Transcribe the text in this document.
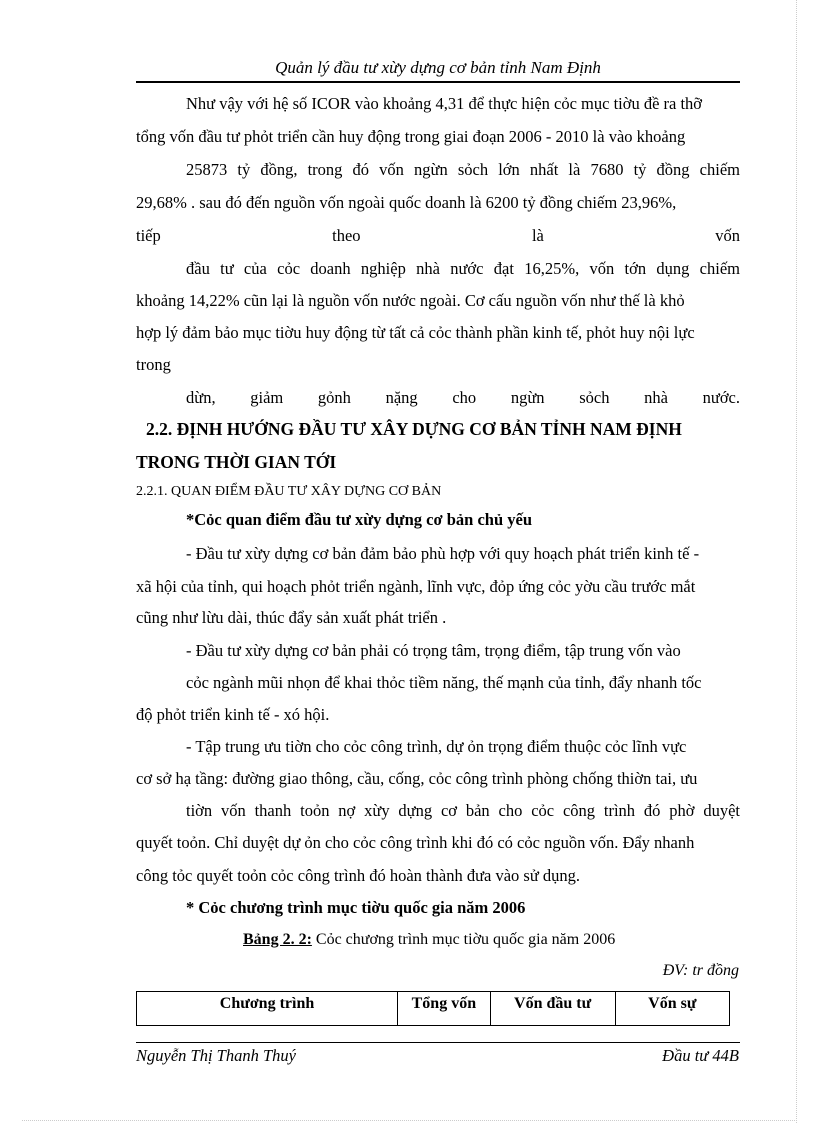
Quản lý đầu tư xừy dựng cơ bản tỉnh Nam Định
Như vậy với hệ số ICOR vào khoảng 4,31 để thực hiện cỏc mục tiờu đề ra thỡ
tổng vốn đầu tư phỏt triển cần huy động trong giai đoạn 2006 - 2010 là vào khoảng
25873 tỷ đồng, trong đó vốn ngừn sỏch lớn nhất là 7680 tỷ đồng chiếm
29,68% . sau đó đến nguồn vốn ngoài quốc doanh là 6200 tỷ đồng chiếm 23,96%,
tiếp theo là vốn
đầu tư của cỏc doanh nghiệp nhà nước đạt 16,25%, vốn tớn dụng chiếm
khoảng 14,22% cũn lại là nguồn vốn nước ngoài. Cơ cấu nguồn vốn như thế là khỏ
hợp lý đảm bảo mục tiờu huy động từ tất cả cỏc thành phần kinh tế, phỏt huy nội lực
trong
dừn, giảm gỏnh nặng cho ngừn sỏch nhà nước.
2.2. ĐỊNH HƯỚNG ĐẦU TƯ XÂY DỰNG CƠ BẢN TỈNH NAM ĐỊNH
TRONG THỜI GIAN TỚI
2.2.1. QUAN ĐIỂM ĐẦU TƯ XÂY DỰNG CƠ BẢN
*Cỏc quan điểm đầu tư xừy dựng cơ bản chủ yếu
- Đầu tư xừy dựng cơ bản đảm bảo phù hợp với quy hoạch phát triển kinh tế -
xã hội của tỉnh, qui hoạch phỏt triển ngành, lĩnh vực, đỏp ứng cỏc yờu cầu trước mắt
cũng như lừu dài, thúc đẩy sản xuất phát triển .
- Đầu tư xừy dựng cơ bản phải có trọng tâm, trọng điểm, tập trung vốn vào
cỏc ngành mũi nhọn để khai thỏc tiềm năng, thế mạnh của tỉnh, đẩy nhanh tốc
độ phỏt triển kinh tế - xó hội.
- Tập trung ưu tiờn cho cỏc công trình, dự ỏn trọng điểm thuộc cỏc lĩnh vực
cơ sở hạ tầng: đường giao thông, cầu, cống, cỏc công trình phòng chống thiờn tai, ưu
tiờn vốn thanh toỏn nợ xừy dựng cơ bản cho cỏc công trình đó phờ duyệt
quyết toỏn. Chỉ duyệt dự ỏn cho cỏc công trình khi đó có cỏc nguồn vốn. Đẩy nhanh
công tỏc quyết toỏn cỏc công trình đó hoàn thành đưa vào sử dụng.
* Cỏc chương trình mục tiờu quốc gia năm 2006
Bảng 2. 2: Cỏc chương trình mục tiờu quốc gia năm 2006
ĐV: tr đồng
Chương trình	Tổng vốn	Vốn đầu tư	Vốn sự
Nguyễn Thị Thanh Thuý	Đầu tư 44B
